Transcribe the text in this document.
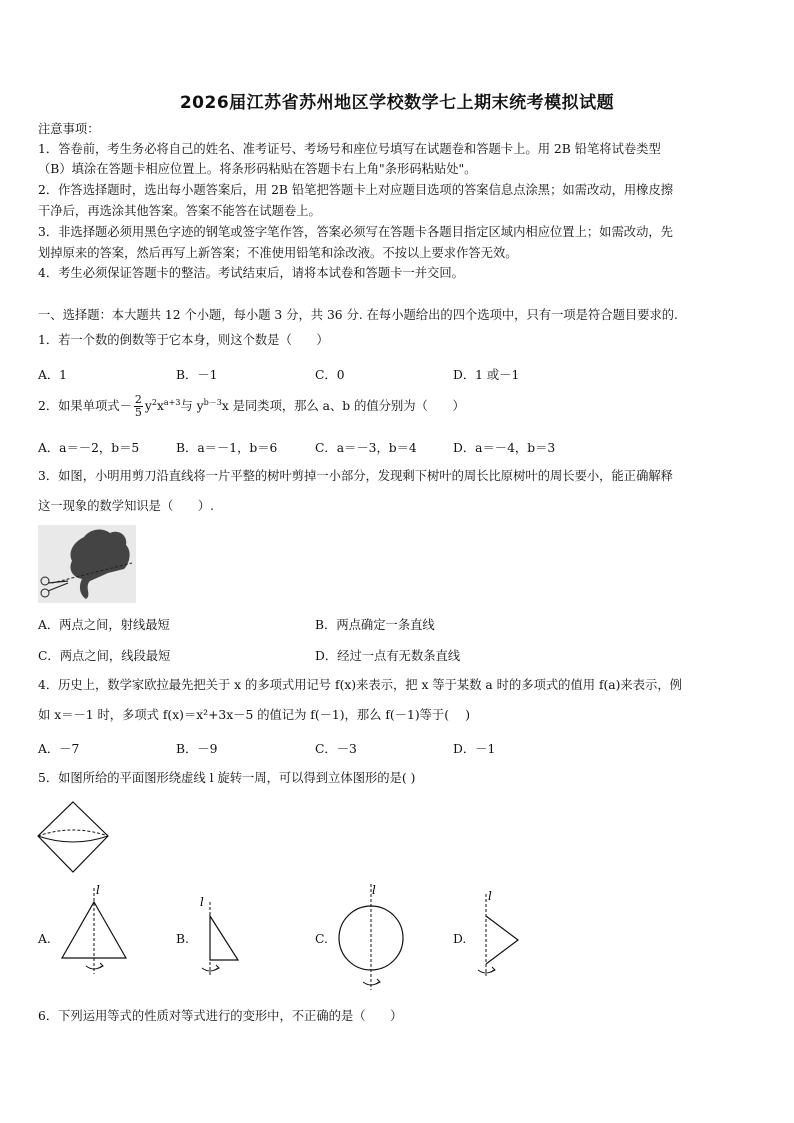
2026届江苏省苏州地区学校数学七上期末统考模拟试题
注意事项：
1．答卷前，考生务必将自己的姓名、准考证号、考场号和座位号填写在试题卷和答题卡上。用 2B 铅笔将试卷类型
（B）填涂在答题卡相应位置上。将条形码粘贴在答题卡右上角"条形码粘贴处"。
2．作答选择题时，选出每小题答案后，用 2B 铅笔把答题卡上对应题目选项的答案信息点涂黑；如需改动，用橡皮擦
干净后，再选涂其他答案。答案不能答在试题卷上。
3．非选择题必须用黑色字迹的钢笔或签字笔作答，答案必须写在答题卡各题目指定区域内相应位置上；如需改动，先
划掉原来的答案，然后再写上新答案；不准使用铅笔和涂改液。不按以上要求作答无效。
4．考生必须保证答题卡的整洁。考试结束后，请将本试卷和答题卡一并交回。
一、选择题：本大题共 12 个小题，每小题 3 分，共 36 分. 在每小题给出的四个选项中，只有一项是符合题目要求的.
1．若一个数的倒数等于它本身，则这个数是（　　）
A．1	B．－1	C．0	D．1 或－1
2．如果单项式－ $\frac{2}{5} y^2x^{a+3}$与 $y^{b-3}x$ 是同类项，那么 a、b 的值分别为（　　）
A．a＝－2，b＝5	B．a＝－1，b＝6	C．a＝－3，b＝4	D．a＝－4，b＝3
3．如图，小明用剪刀沿直线将一片平整的树叶剪掉一小部分，发现剩下树叶的周长比原树叶的周长要小，能正确解释
这一现象的数学知识是（　　）.
A．两点之间，射线最短	B．两点确定一条直线
C．两点之间，线段最短	D．经过一点有无数条直线
4．历史上，数学家欧拉最先把关于 x 的多项式用记号 f(x)来表示，把 x 等于某数 a 时的多项式的值用 f(a)来表示，例
如 x＝－1 时，多项式 f(x)＝x²+3x－5 的值记为 f(－1)，那么 f(－1)等于(　 )
A．－7	B．－9	C．－3	D．－1
5．如图所给的平面图形绕虚线 l 旋转一周，可以得到立体图形的是( )
A.
l
B.
l
C.
l
D.
l
6．下列运用等式的性质对等式进行的变形中，不正确的是（　　）
